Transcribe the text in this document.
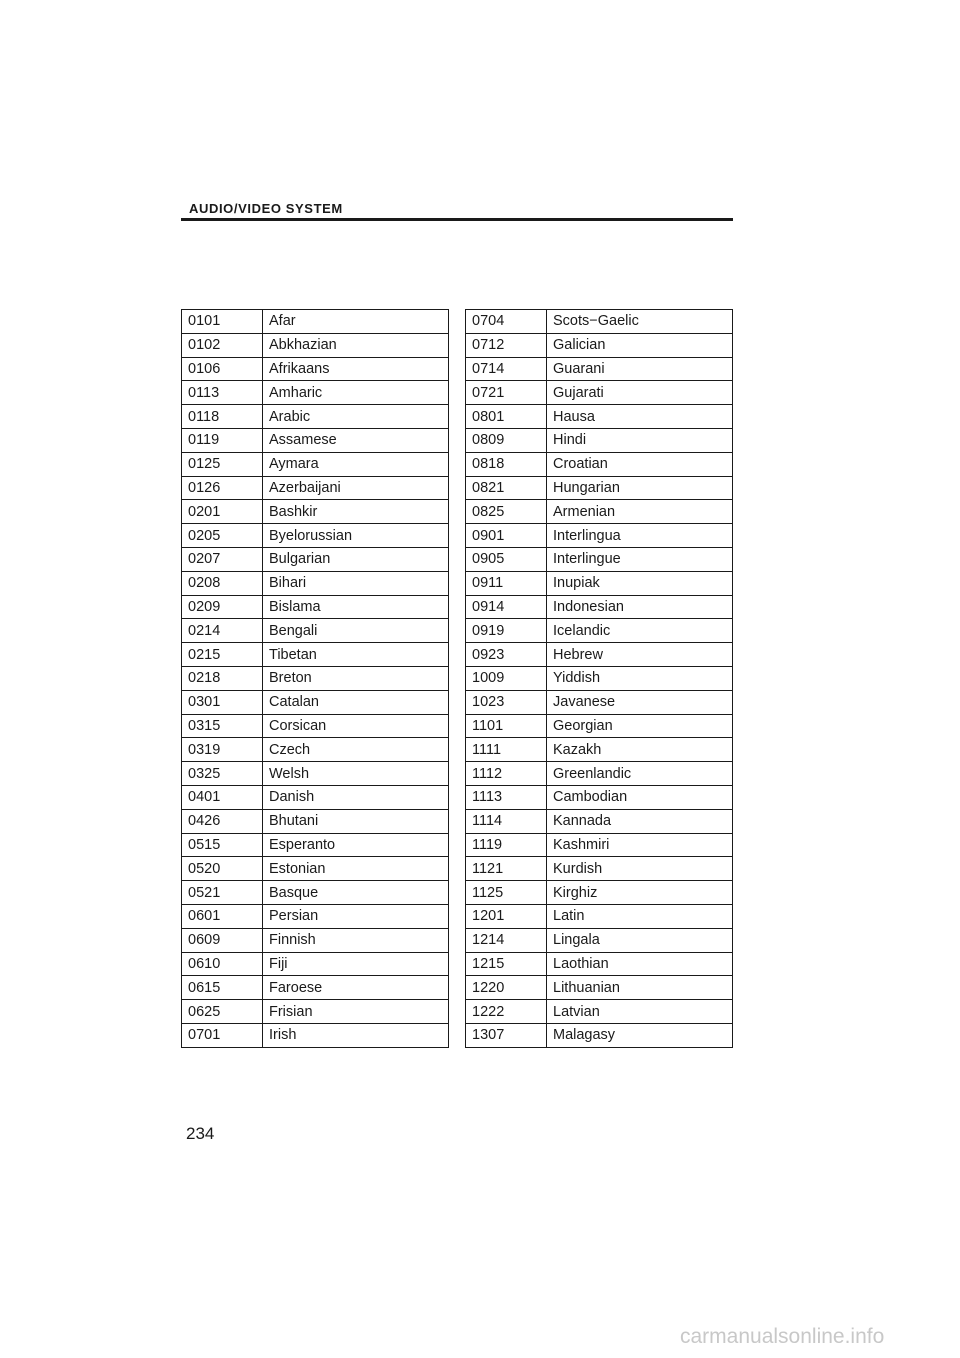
AUDIO/VIDEO SYSTEM
0101	Afar
0102	Abkhazian
0106	Afrikaans
0113	Amharic
0118	Arabic
0119	Assamese
0125	Aymara
0126	Azerbaijani
0201	Bashkir
0205	Byelorussian
0207	Bulgarian
0208	Bihari
0209	Bislama
0214	Bengali
0215	Tibetan
0218	Breton
0301	Catalan
0315	Corsican
0319	Czech
0325	Welsh
0401	Danish
0426	Bhutani
0515	Esperanto
0520	Estonian
0521	Basque
0601	Persian
0609	Finnish
0610	Fiji
0615	Faroese
0625	Frisian
0701	Irish
0704	Scots−Gaelic
0712	Galician
0714	Guarani
0721	Gujarati
0801	Hausa
0809	Hindi
0818	Croatian
0821	Hungarian
0825	Armenian
0901	Interlingua
0905	Interlingue
0911	Inupiak
0914	Indonesian
0919	Icelandic
0923	Hebrew
1009	Yiddish
1023	Javanese
1101	Georgian
1111	Kazakh
1112	Greenlandic
1113	Cambodian
1114	Kannada
1119	Kashmiri
1121	Kurdish
1125	Kirghiz
1201	Latin
1214	Lingala
1215	Laothian
1220	Lithuanian
1222	Latvian
1307	Malagasy
234
carmanualsonline.info
